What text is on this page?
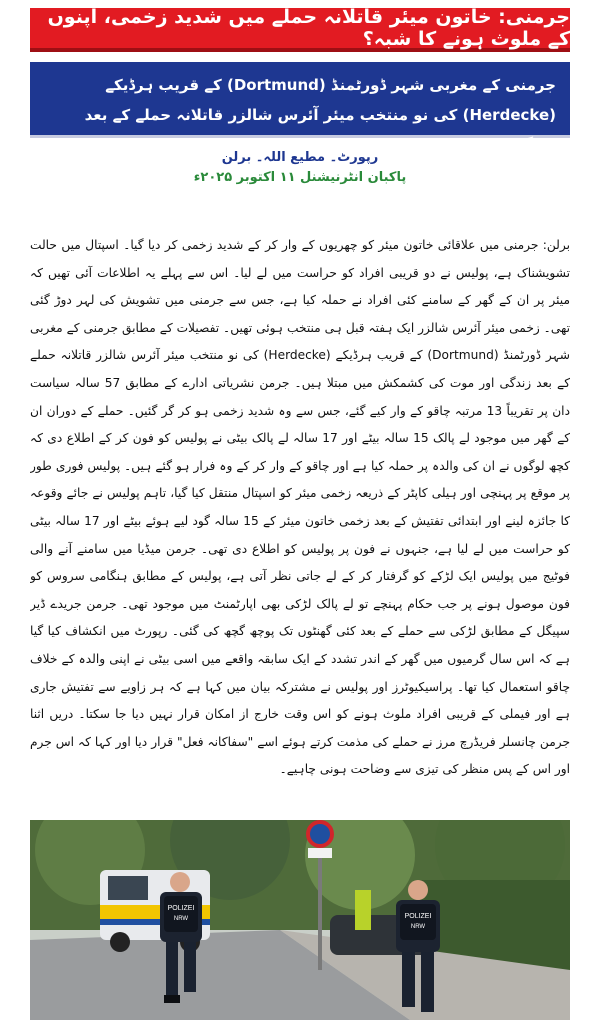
جرمنی: خاتون میئر قاتلانہ حملے میں شدید زخمی، اپنوں کے ملوث ہونے کا شبہ؟
جرمنی کے مغربی شہر ڈورٹمنڈ (Dortmund) کے قریب ہرڈیکے (Herdecke) کی نو منتخب میئر آئرس شالزر قاتلانہ حملے کے بعد زندگی اور موت کی کشمکش میں مبتلا ہیں۔
رپورٹ۔ مطیع اللہ۔ برلن
پاکبان انٹرنیشنل ۱۱ اکتوبر ۲۰۲۵ء
برلن: جرمنی میں علاقائی خاتون میئر کو چھریوں کے وار کر کے شدید زخمی کر دیا گیا۔ اسپتال میں حالت تشویشناک ہے، پولیس نے دو قریبی افراد کو حراست میں لے لیا۔ اس سے پہلے یہ اطلاعات آئی تھیں کہ میئر پر ان کے گھر کے سامنے کئی افراد نے حملہ کیا ہے، جس سے جرمنی میں تشویش کی لہر دوڑ گئی تھی۔ زخمی میئر آئرس شالزر ایک ہفتہ قبل ہی منتخب ہوئی تھیں۔ تفصیلات کے مطابق جرمنی کے مغربی شہر ڈورٹمنڈ (Dortmund) کے قریب ہرڈیکے (Herdecke) کی نو منتخب میئر آئرس شالزر قاتلانہ حملے کے بعد زندگی اور موت کی کشمکش میں مبتلا ہیں۔ جرمن نشریاتی ادارے کے مطابق 57 سالہ سیاست دان پر تقریباً 13 مرتبہ چاقو کے وار کیے گئے، جس سے وہ شدید زخمی ہو کر گر گئیں۔ حملے کے دوران ان کے گھر میں موجود لے پالک 15 سالہ بیٹے اور 17 سالہ لے پالک بیٹی نے پولیس کو فون کر کے اطلاع دی کہ کچھ لوگوں نے ان کی والدہ پر حملہ کیا ہے اور چاقو کے وار کر کے وہ فرار ہو گئے ہیں۔ پولیس فوری طور پر موقع پر پہنچی اور ہیلی کاپٹر کے ذریعہ زخمی میئر کو اسپتال منتقل کیا گیا، تاہم پولیس نے جائے وقوعہ کا جائزہ لینے اور ابتدائی تفتیش کے بعد زخمی خاتون میئر کے 15 سالہ گود لیے ہوئے بیٹے اور 17 سالہ بیٹی کو حراست میں لے لیا ہے، جنہوں نے فون پر پولیس کو اطلاع دی تھی۔ جرمن میڈیا میں سامنے آنے والی فوٹیج میں پولیس ایک لڑکے کو گرفتار کر کے لے جاتی نظر آتی ہے، پولیس کے مطابق ہنگامی سروس کو فون موصول ہونے پر جب حکام پہنچے تو لے پالک لڑکی بھی اپارٹمنٹ میں موجود تھی۔ جرمن جریدے ڈیر سپیگل کے مطابق لڑکی سے حملے کے بعد کئی گھنٹوں تک پوچھ گچھ کی گئی۔ رپورٹ میں انکشاف کیا گیا ہے کہ اس سال گرمیوں میں گھر کے اندر تشدد کے ایک سابقہ واقعے میں اسی بیٹی نے اپنی والدہ کے خلاف چاقو استعمال کیا تھا۔ پراسیکیوٹرز اور پولیس نے مشترکہ بیان میں کہا ہے کہ ہر زاویے سے تفتیش جاری ہے اور فیملی کے قریبی افراد ملوث ہونے کو اس وقت خارج از امکان قرار نہیں دیا جا سکتا۔ دریں اثنا جرمن چانسلر فریڈرچ مرز نے حملے کی مذمت کرتے ہوئے اسے "سفاکانہ فعل" قرار دیا اور کہا کہ اس جرم اور اس کے پس منظر کی تیزی سے وضاحت ہونی چاہیے۔
POLIZEI
NRW	POLIZEI
NRW
